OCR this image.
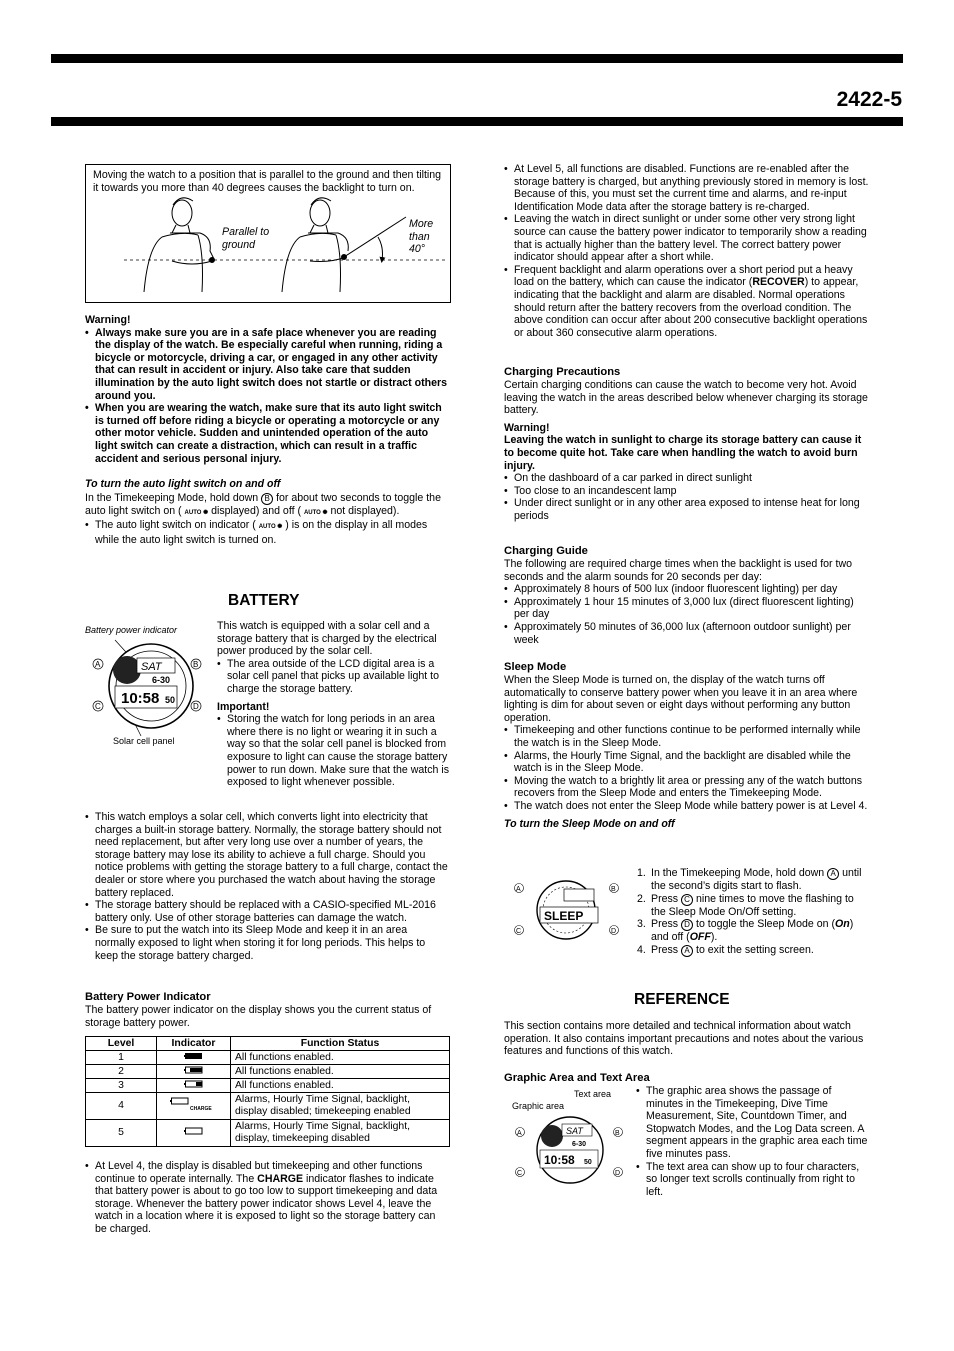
2422-5

Moving the watch to a position that is parallel to the ground and then tilting it towards you more than 40 degrees causes the backlight to turn on.

Parallel to
ground
More
than
40°

Warning!

• Always make sure you are in a safe place whenever you are reading the display of the watch. Be especially careful when running, riding a bicycle or motorcycle, driving a car, or engaged in any other activity that can result in accident or injury. Also take care that sudden illumination by the auto light switch does not startle or distract others around you.
• When you are wearing the watch, make sure that its auto light switch is turned off before riding a bicycle or operating a motorcycle or any other motor vehicle. Sudden and unintended operation of the auto light switch can create a distraction, which can result in a traffic accident and serious personal injury.

To turn the auto light switch on and off

In the Timekeeping Mode, hold down B for about two seconds to toggle the auto light switch on ( AUTO ✺ displayed) and off ( AUTO ✺ not displayed).

• The auto light switch on indicator ( AUTO ✺ ) is on the display in all modes while the auto light switch is turned on.
BATTERY
Battery power indicator
SAT
6-30
10:58 50
A	B
C	D
Solar cell panel

This watch is equipped with a solar cell and a storage battery that is charged by the electrical power produced by the solar cell.

• The area outside of the LCD digital area is a solar cell panel that picks up available light to charge the storage battery.

Important!

• Storing the watch for long periods in an area where there is no light or wearing it in such a way so that the solar cell panel is blocked from exposure to light can cause the storage battery power to run down. Make sure that the watch is exposed to light whenever possible.
• This watch employs a solar cell, which converts light into electricity that charges a built-in storage battery. Normally, the storage battery should not need replacement, but after very long use over a number of years, the storage battery may lose its ability to achieve a full charge. Should you notice problems with getting the storage battery to a full charge, contact the dealer or store where you purchased the watch about having the storage battery replaced.
• The storage battery should be replaced with a CASIO-specified ML-2016 battery only. Use of other storage batteries can damage the watch.
• Be sure to put the watch into its Sleep Mode and keep it in an area normally exposed to light when storing it for long periods. This helps to keep the storage battery charged.
Battery Power Indicator

The battery power indicator on the display shows you the current status of storage battery power.

Level	Indicator	Function Status
1		All functions enabled.
2		All functions enabled.
3		All functions enabled.
4	CHARGE	Alarms, Hourly Time Signal, backlight, display disabled; timekeeping enabled
5		Alarms, Hourly Time Signal, backlight, display, timekeeping disabled
• At Level 4, the display is disabled but timekeeping and other functions continue to operate internally. The CHARGE indicator flashes to indicate that battery power is about to go too low to support timekeeping and data storage. Whenever the battery power indicator shows Level 4, leave the watch in a location where it is exposed to light so the storage battery can be charged.
• At Level 5, all functions are disabled. Functions are re-enabled after the storage battery is charged, but anything previously stored in memory is lost. Because of this, you must set the current time and alarms, and re-input Identification Mode data after the storage battery is re-charged.
• Leaving the watch in direct sunlight or under some other very strong light source can cause the battery power indicator to temporarily show a reading that is actually higher than the battery level. The correct battery power indicator should appear after a short while.
• Frequent backlight and alarm operations over a short period put a heavy load on the battery, which can cause the indicator (RECOVER) to appear, indicating that the backlight and alarm are disabled. Normal operations should return after the battery recovers from the overload condition. The above condition can occur after about 200 consecutive backlight operations or about 360 consecutive alarm operations.
Charging Precautions

Certain charging conditions can cause the watch to become very hot. Avoid leaving the watch in the areas described below whenever charging its storage battery.

Warning!

Leaving the watch in sunlight to charge its storage battery can cause it to become quite hot. Take care when handling the watch to avoid burn injury.

• On the dashboard of a car parked in direct sunlight
• Too close to an incandescent lamp
• Under direct sunlight or in any other area exposed to intense heat for long periods
Charging Guide

The following are required charge times when the backlight is used for two seconds and the alarm sounds for 20 seconds per day:

• Approximately 8 hours of 500 lux (indoor fluorescent lighting) per day
• Approximately 1 hour 15 minutes of 3,000 lux (direct fluorescent lighting) per day
• Approximately 50 minutes of 36,000 lux (afternoon outdoor sunlight) per week
Sleep Mode

When the Sleep Mode is turned on, the display of the watch turns off automatically to conserve battery power when you leave it in an area where lighting is dim for about seven or eight days without performing any button operation.

• Timekeeping and other functions continue to be performed internally while the watch is in the Sleep Mode.
• Alarms, the Hourly Time Signal, and the backlight are disabled while the watch is in the Sleep Mode.
• Moving the watch to a brightly lit area or pressing any of the watch buttons recovers from the Sleep Mode and enters the Timekeeping Mode.
• The watch does not enter the Sleep Mode while battery power is at Level 4.

To turn the Sleep Mode on and off

SLEEP
A	B
C	D
1. In the Timekeeping Mode, hold down A until the second’s digits start to flash.
2. Press C nine times to move the flashing to the Sleep Mode On/Off setting.
3. Press D to toggle the Sleep Mode on (On) and off (OFF).
4. Press A to exit the setting screen.
REFERENCE

This section contains more detailed and technical information about watch operation. It also contains important precautions and notes about the various features and functions of this watch.

Graphic Area and Text Area
Text area
Graphic area
SAT
6-30
10:58 50
A	B
C	D
• The graphic area shows the passage of minutes in the Timekeeping, Dive Time Measurement, Site, Countdown Timer, and Stopwatch Modes, and the Log Data screen. A segment appears in the graphic area each time five minutes pass.
• The text area can show up to four characters, so longer text scrolls continually from right to left.
